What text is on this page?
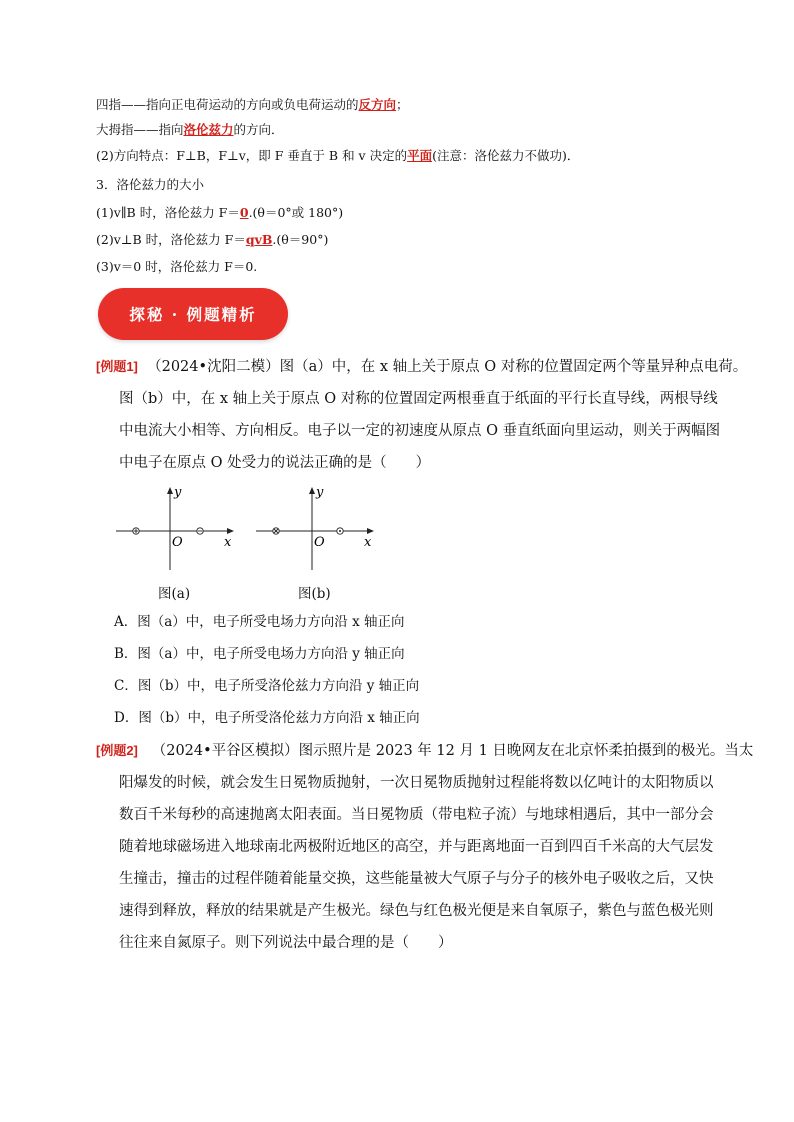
四指——指向正电荷运动的方向或负电荷运动的反方向；
大拇指——指向洛伦兹力的方向．
(2)方向特点：F⊥B，F⊥v，即 F 垂直于 B 和 v 决定的平面(注意：洛伦兹力不做功)．
3．洛伦兹力的大小
(1)v∥B 时，洛伦兹力 F＝0.(θ＝0°或 180°)
(2)v⊥B 时，洛伦兹力 F＝qvB.(θ＝90°)
(3)v＝0 时，洛伦兹力 F＝0.
探秘 · 例题精析
[例题1] （2024•沈阳二模）图（a）中，在 x 轴上关于原点 O 对称的位置固定两个等量异种点电荷。
图（b）中，在 x 轴上关于原点 O 对称的位置固定两根垂直于纸面的平行长直导线，两根导线
中电流大小相等、方向相反。电子以一定的初速度从原点 O 垂直纸面向里运动，则关于两幅图
中电子在原点 O 处受力的说法正确的是（　　）
x
y
O
图(a)
x
y
O
图(b)
A．图（a）中，电子所受电场力方向沿 x 轴正向
B．图（a）中，电子所受电场力方向沿 y 轴正向
C．图（b）中，电子所受洛伦兹力方向沿 y 轴正向
D．图（b）中，电子所受洛伦兹力方向沿 x 轴正向
[例题2] （2024•平谷区模拟）图示照片是 2023 年 12 月 1 日晚网友在北京怀柔拍摄到的极光。当太
阳爆发的时候，就会发生日冕物质抛射，一次日冕物质抛射过程能将数以亿吨计的太阳物质以
数百千米每秒的高速抛离太阳表面。当日冕物质（带电粒子流）与地球相遇后，其中一部分会
随着地球磁场进入地球南北两极附近地区的高空，并与距离地面一百到四百千米高的大气层发
生撞击，撞击的过程伴随着能量交换，这些能量被大气原子与分子的核外电子吸收之后，又快
速得到释放，释放的结果就是产生极光。绿色与红色极光便是来自氧原子，紫色与蓝色极光则
往往来自氮原子。则下列说法中最合理的是（　　）
